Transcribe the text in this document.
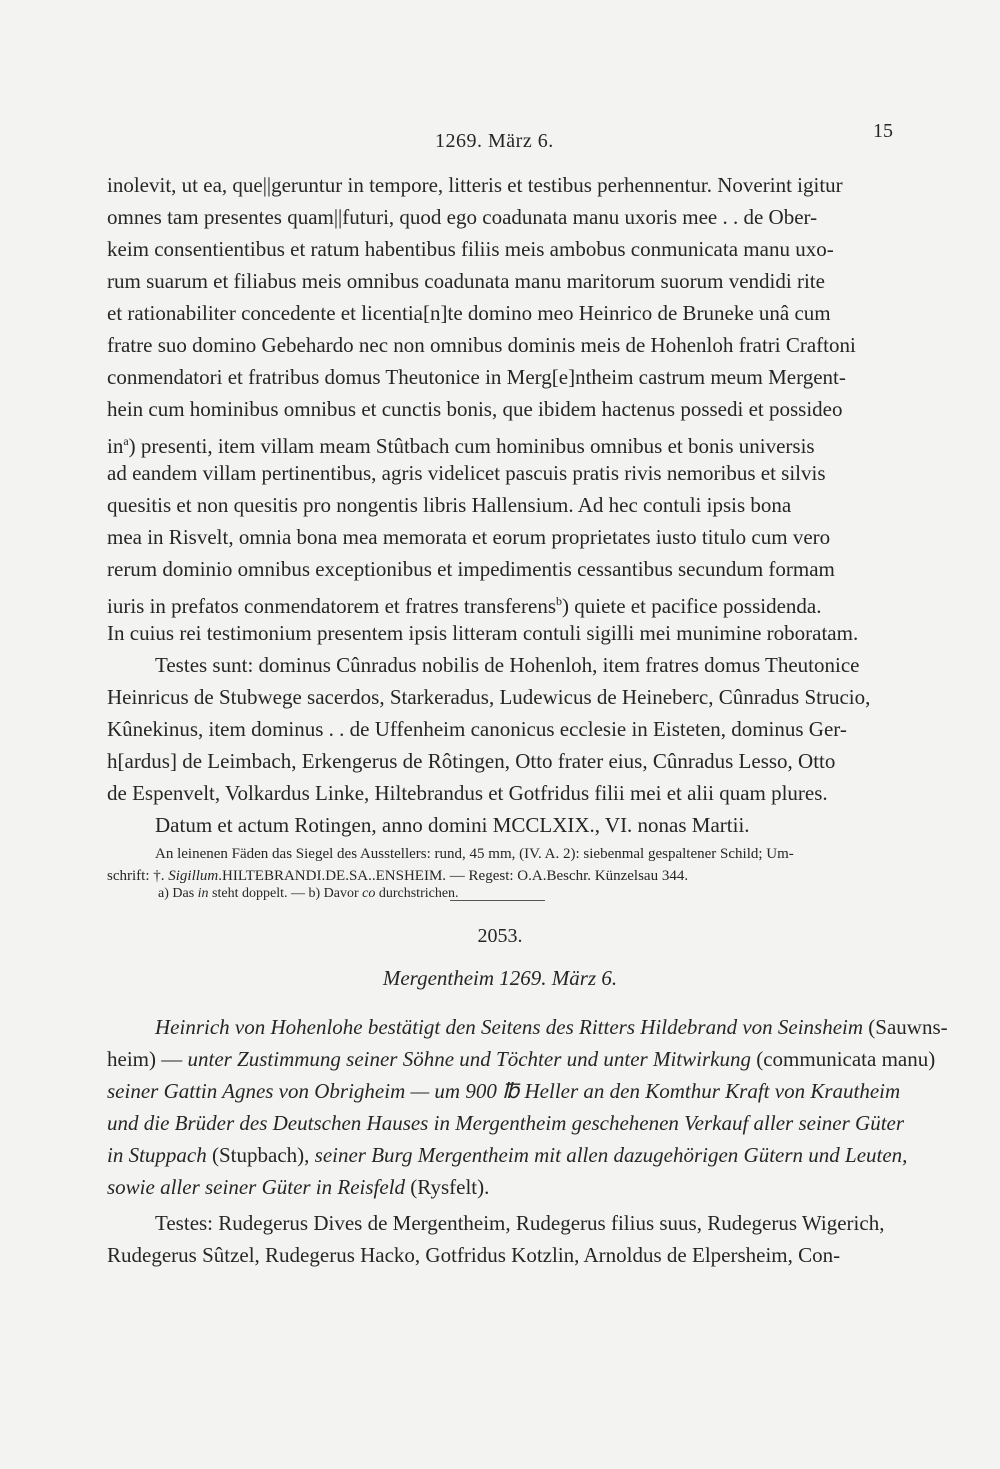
1269. März 6.	15
inolevit, ut ea, que||geruntur in tempore, litteris et testibus perhennentur. Noverint igitur
omnes tam presentes quam||futuri, quod ego coadunata manu uxoris mee . . de Ober-
keim consentientibus et ratum habentibus filiis meis ambobus conmunicata manu uxo-
rum suarum et filiabus meis omnibus coadunata manu maritorum suorum vendidi rite
et rationabiliter concedente et licentia[n]te domino meo Heinrico de Bruneke unâ cum
fratre suo domino Gebehardo nec non omnibus dominis meis de Hohenloh fratri Craftoni
conmendatori et fratribus domus Theutonice in Merg[e]ntheim castrum meum Mergent-
hein cum hominibus omnibus et cunctis bonis, que ibidem hactenus possedi et possideo
$in^a$) presenti, item villam meam Stûtbach cum hominibus omnibus et bonis universis
ad eandem villam pertinentibus, agris videlicet pascuis pratis rivis nemoribus et silvis
quesitis et non quesitis pro nongentis libris Hallensium. Ad hec contuli ipsis bona
mea in Risvelt, omnia bona mea memorata et eorum proprietates iusto titulo cum vero
rerum dominio omnibus exceptionibus et impedimentis cessantibus secundum formam
iuris in prefatos conmendatorem et fratres transferens$^b$) quiete et pacifice possidenda.
In cuius rei testimonium presentem ipsis litteram contuli sigilli mei munimine roboratam.
Testes sunt: dominus Cûnradus nobilis de Hohenloh, item fratres domus Theutonice
Heinricus de Stubwege sacerdos, Starkeradus, Ludewicus de Heineberc, Cûnradus Strucio,
Kûnekinus, item dominus . . de Uffenheim canonicus ecclesie in Eisteten, dominus Ger-
h[ardus] de Leimbach, Erkengerus de Rôtingen, Otto frater eius, Cûnradus Lesso, Otto
de Espenvelt, Volkardus Linke, Hiltebrandus et Gotfridus filii mei et alii quam plures.
Datum et actum Rotingen, anno domini MCCLXIX., VI. nonas Martii.
An leinenen Fäden das Siegel des Ausstellers: rund, 45 mm, (IV. A. 2): siebenmal gespaltener Schild; Um-
schrift: †. Sigillum.HILTEBRANDI.DE.SA..ENSHEIM. — Regest: O.A.Beschr. Künzelsau 344.
a) Das in steht doppelt. — b) Davor co durchstrichen.
2053.
Mergentheim 1269. März 6.
Heinrich von Hohenlohe bestätigt den Seitens des Ritters Hildebrand von Seinsheim (Sauwns-
heim) — unter Zustimmung seiner Söhne und Töchter und unter Mitwirkung (communicata manu)
seiner Gattin Agnes von Obrigheim — um 900 ℔ Heller an den Komthur Kraft von Krautheim
und die Brüder des Deutschen Hauses in Mergentheim geschehenen Verkauf aller seiner Güter
in Stuppach (Stupbach), seiner Burg Mergentheim mit allen dazugehörigen Gütern und Leuten,
sowie aller seiner Güter in Reisfeld (Rysfelt).
Testes: Rudegerus Dives de Mergentheim, Rudegerus filius suus, Rudegerus Wigerich,
Rudegerus Sûtzel, Rudegerus Hacko, Gotfridus Kotzlin, Arnoldus de Elpersheim, Con-
